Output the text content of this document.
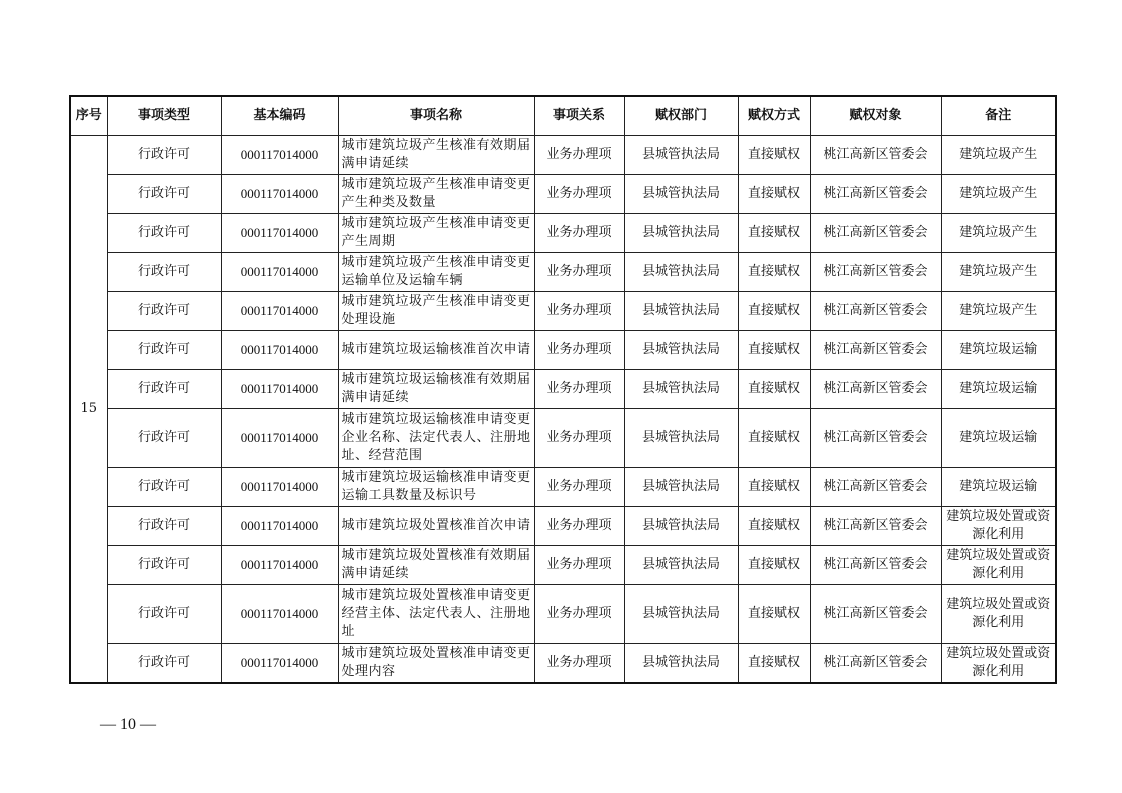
序号	事项类型	基本编码	事项名称	事项关系	赋权部门	赋权方式	赋权对象	备注
15	行政许可	000117014000	城市建筑垃圾产生核准有效期届满申请延续	业务办理项	县城管执法局	直接赋权	桃江高新区管委会	建筑垃圾产生
	行政许可	000117014000	城市建筑垃圾产生核准申请变更产生种类及数量	业务办理项	县城管执法局	直接赋权	桃江高新区管委会	建筑垃圾产生
	行政许可	000117014000	城市建筑垃圾产生核准申请变更产生周期	业务办理项	县城管执法局	直接赋权	桃江高新区管委会	建筑垃圾产生
	行政许可	000117014000	城市建筑垃圾产生核准申请变更运输单位及运输车辆	业务办理项	县城管执法局	直接赋权	桃江高新区管委会	建筑垃圾产生
	行政许可	000117014000	城市建筑垃圾产生核准申请变更处理设施	业务办理项	县城管执法局	直接赋权	桃江高新区管委会	建筑垃圾产生
	行政许可	000117014000	城市建筑垃圾运输核准首次申请	业务办理项	县城管执法局	直接赋权	桃江高新区管委会	建筑垃圾运输
	行政许可	000117014000	城市建筑垃圾运输核准有效期届满申请延续	业务办理项	县城管执法局	直接赋权	桃江高新区管委会	建筑垃圾运输
	行政许可	000117014000	城市建筑垃圾运输核准申请变更企业名称、法定代表人、注册地址、经营范围	业务办理项	县城管执法局	直接赋权	桃江高新区管委会	建筑垃圾运输
	行政许可	000117014000	城市建筑垃圾运输核准申请变更运输工具数量及标识号	业务办理项	县城管执法局	直接赋权	桃江高新区管委会	建筑垃圾运输
	行政许可	000117014000	城市建筑垃圾处置核准首次申请	业务办理项	县城管执法局	直接赋权	桃江高新区管委会	建筑垃圾处置或资源化利用
	行政许可	000117014000	城市建筑垃圾处置核准有效期届满申请延续	业务办理项	县城管执法局	直接赋权	桃江高新区管委会	建筑垃圾处置或资源化利用
	行政许可	000117014000	城市建筑垃圾处置核准申请变更经营主体、法定代表人、注册地址	业务办理项	县城管执法局	直接赋权	桃江高新区管委会	建筑垃圾处置或资源化利用
	行政许可	000117014000	城市建筑垃圾处置核准申请变更处理内容	业务办理项	县城管执法局	直接赋权	桃江高新区管委会	建筑垃圾处置或资源化利用
— 10 —
